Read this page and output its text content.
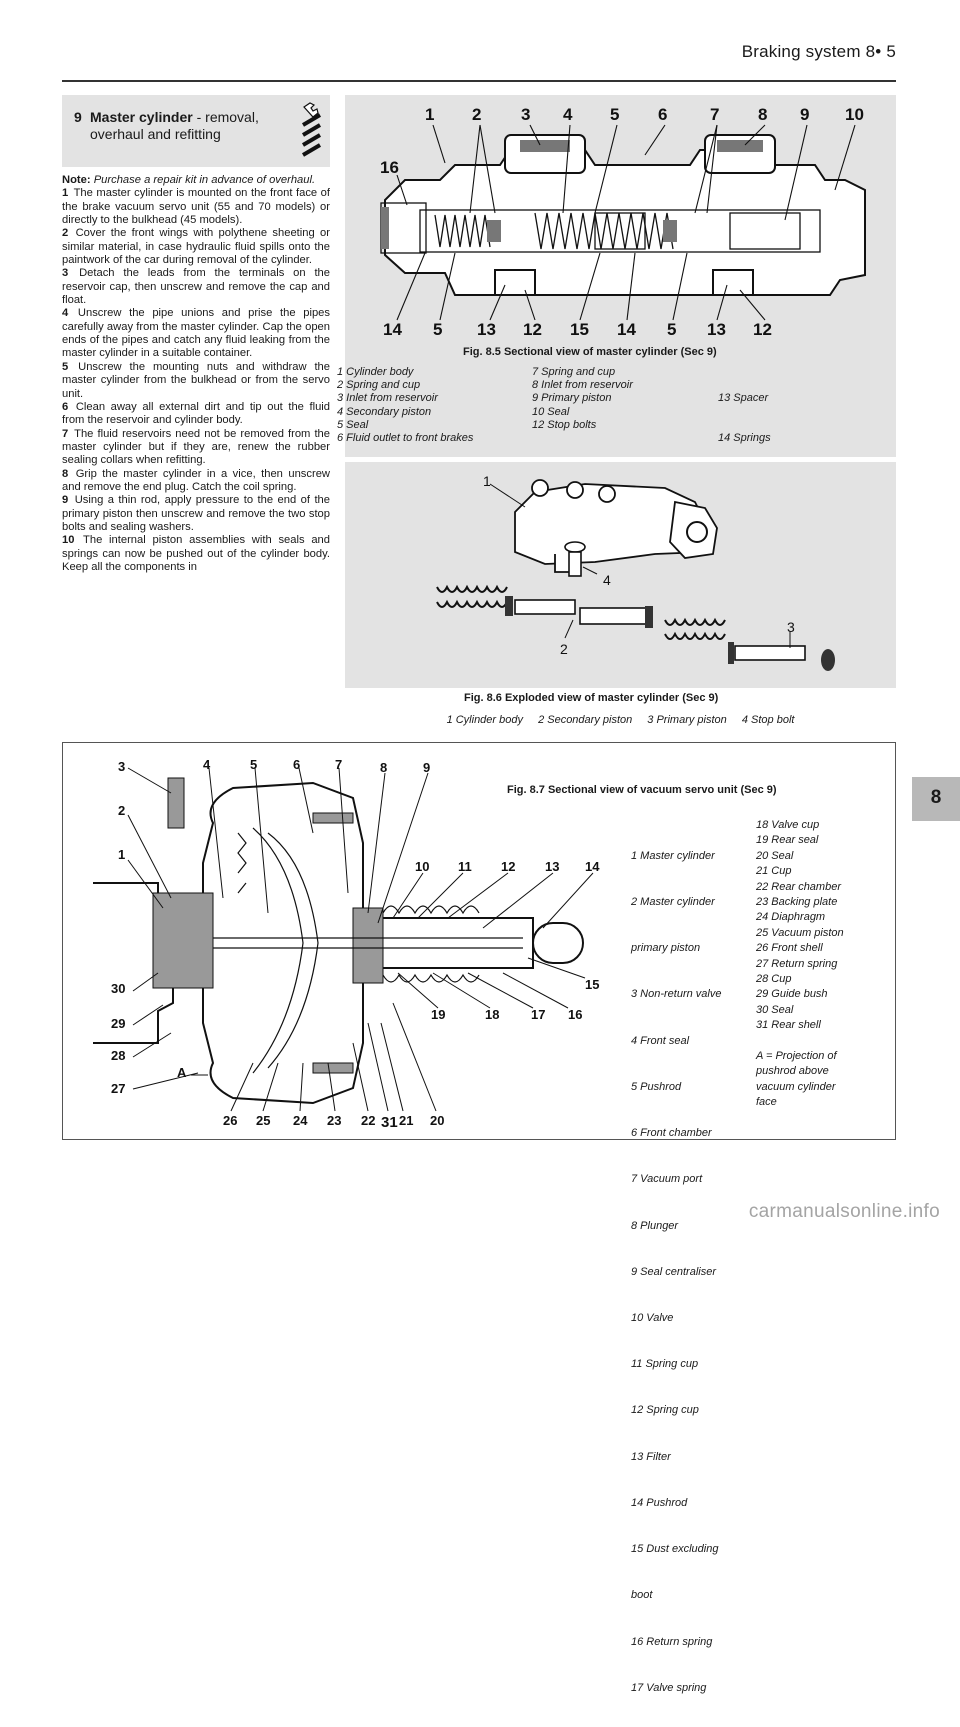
Braking system 8• 5
9 Master cylinder - removal, overhaul and refitting

Note: Purchase a repair kit in advance of overhaul.

1 The master cylinder is mounted on the front face of the brake vacuum servo unit (55 and 70 models) or directly to the bulkhead (45 models).

2 Cover the front wings with polythene sheeting or similar material, in case hydraulic fluid spills onto the paintwork of the car during removal of the cylinder.

3 Detach the leads from the terminals on the reservoir cap, then unscrew and remove the cap and float.

4 Unscrew the pipe unions and prise the pipes carefully away from the master cylinder. Cap the open ends of the pipes and catch any fluid leaking from the master cylinder in a suitable container.

5 Unscrew the mounting nuts and withdraw the master cylinder from the bulkhead or from the servo unit.

6 Clean away all external dirt and tip out the fluid from the reservoir and cylinder body.

7 The fluid reservoirs need not be removed from the master cylinder but if they are, renew the rubber sealing collars when refitting.

8 Grip the master cylinder in a vice, then unscrew and remove the end plug. Catch the coil spring.

9 Using a thin rod, apply pressure to the end of the primary piston then unscrew and remove the two stop bolts and sealing washers.

10 The internal piston assemblies with seals and springs can now be pushed out of the cylinder body. Keep all the components in

1 2 3 4 5 6	7 8 9 10
16
14 5 13 12 15 14 5 13 12
Fig. 8.5 Sectional view of master cylinder (Sec 9)
1 Cylinder body
2 Spring and cup
3 Inlet from reservoir
4 Secondary piston
5 Seal
6 Fluid outlet to front brakes
7 Spring and cup
8 Inlet from reservoir
9 Primary piston
10 Seal
12 Stop bolts

13 Spacer

14 Springs

1
4
3
2
Fig. 8.6 Exploded view of master cylinder (Sec 9)
1 Cylinder body 2 Secondary piston 3 Primary piston 4 Stop bolt
3	4	5	6	7	8	9
2
1
30
29
28
27
10 11 12 13 14
15
16
17
18
19
26 25 24 23 22 31 21 20
A
Fig. 8.7 Sectional view of vacuum servo unit (Sec 9)

1 Master cylinder

2 Master cylinder

primary piston

3 Non-return valve

4 Front seal

5 Pushrod

6 Front chamber

7 Vacuum port

8 Plunger

9 Seal centraliser

10 Valve

11 Spring cup

12 Spring cup

13 Filter

14 Pushrod

15 Dust excluding

boot

16 Return spring

17 Valve spring

18 Valve cup
19 Rear seal
20 Seal
21 Cup
22 Rear chamber
23 Backing plate
24 Diaphragm
25 Vacuum piston
26 Front shell
27 Return spring
28 Cup
29 Guide bush
30 Seal
31 Rear shell
A = Projection of
pushrod above
vacuum cylinder
face
8
carmanualsonline.info
